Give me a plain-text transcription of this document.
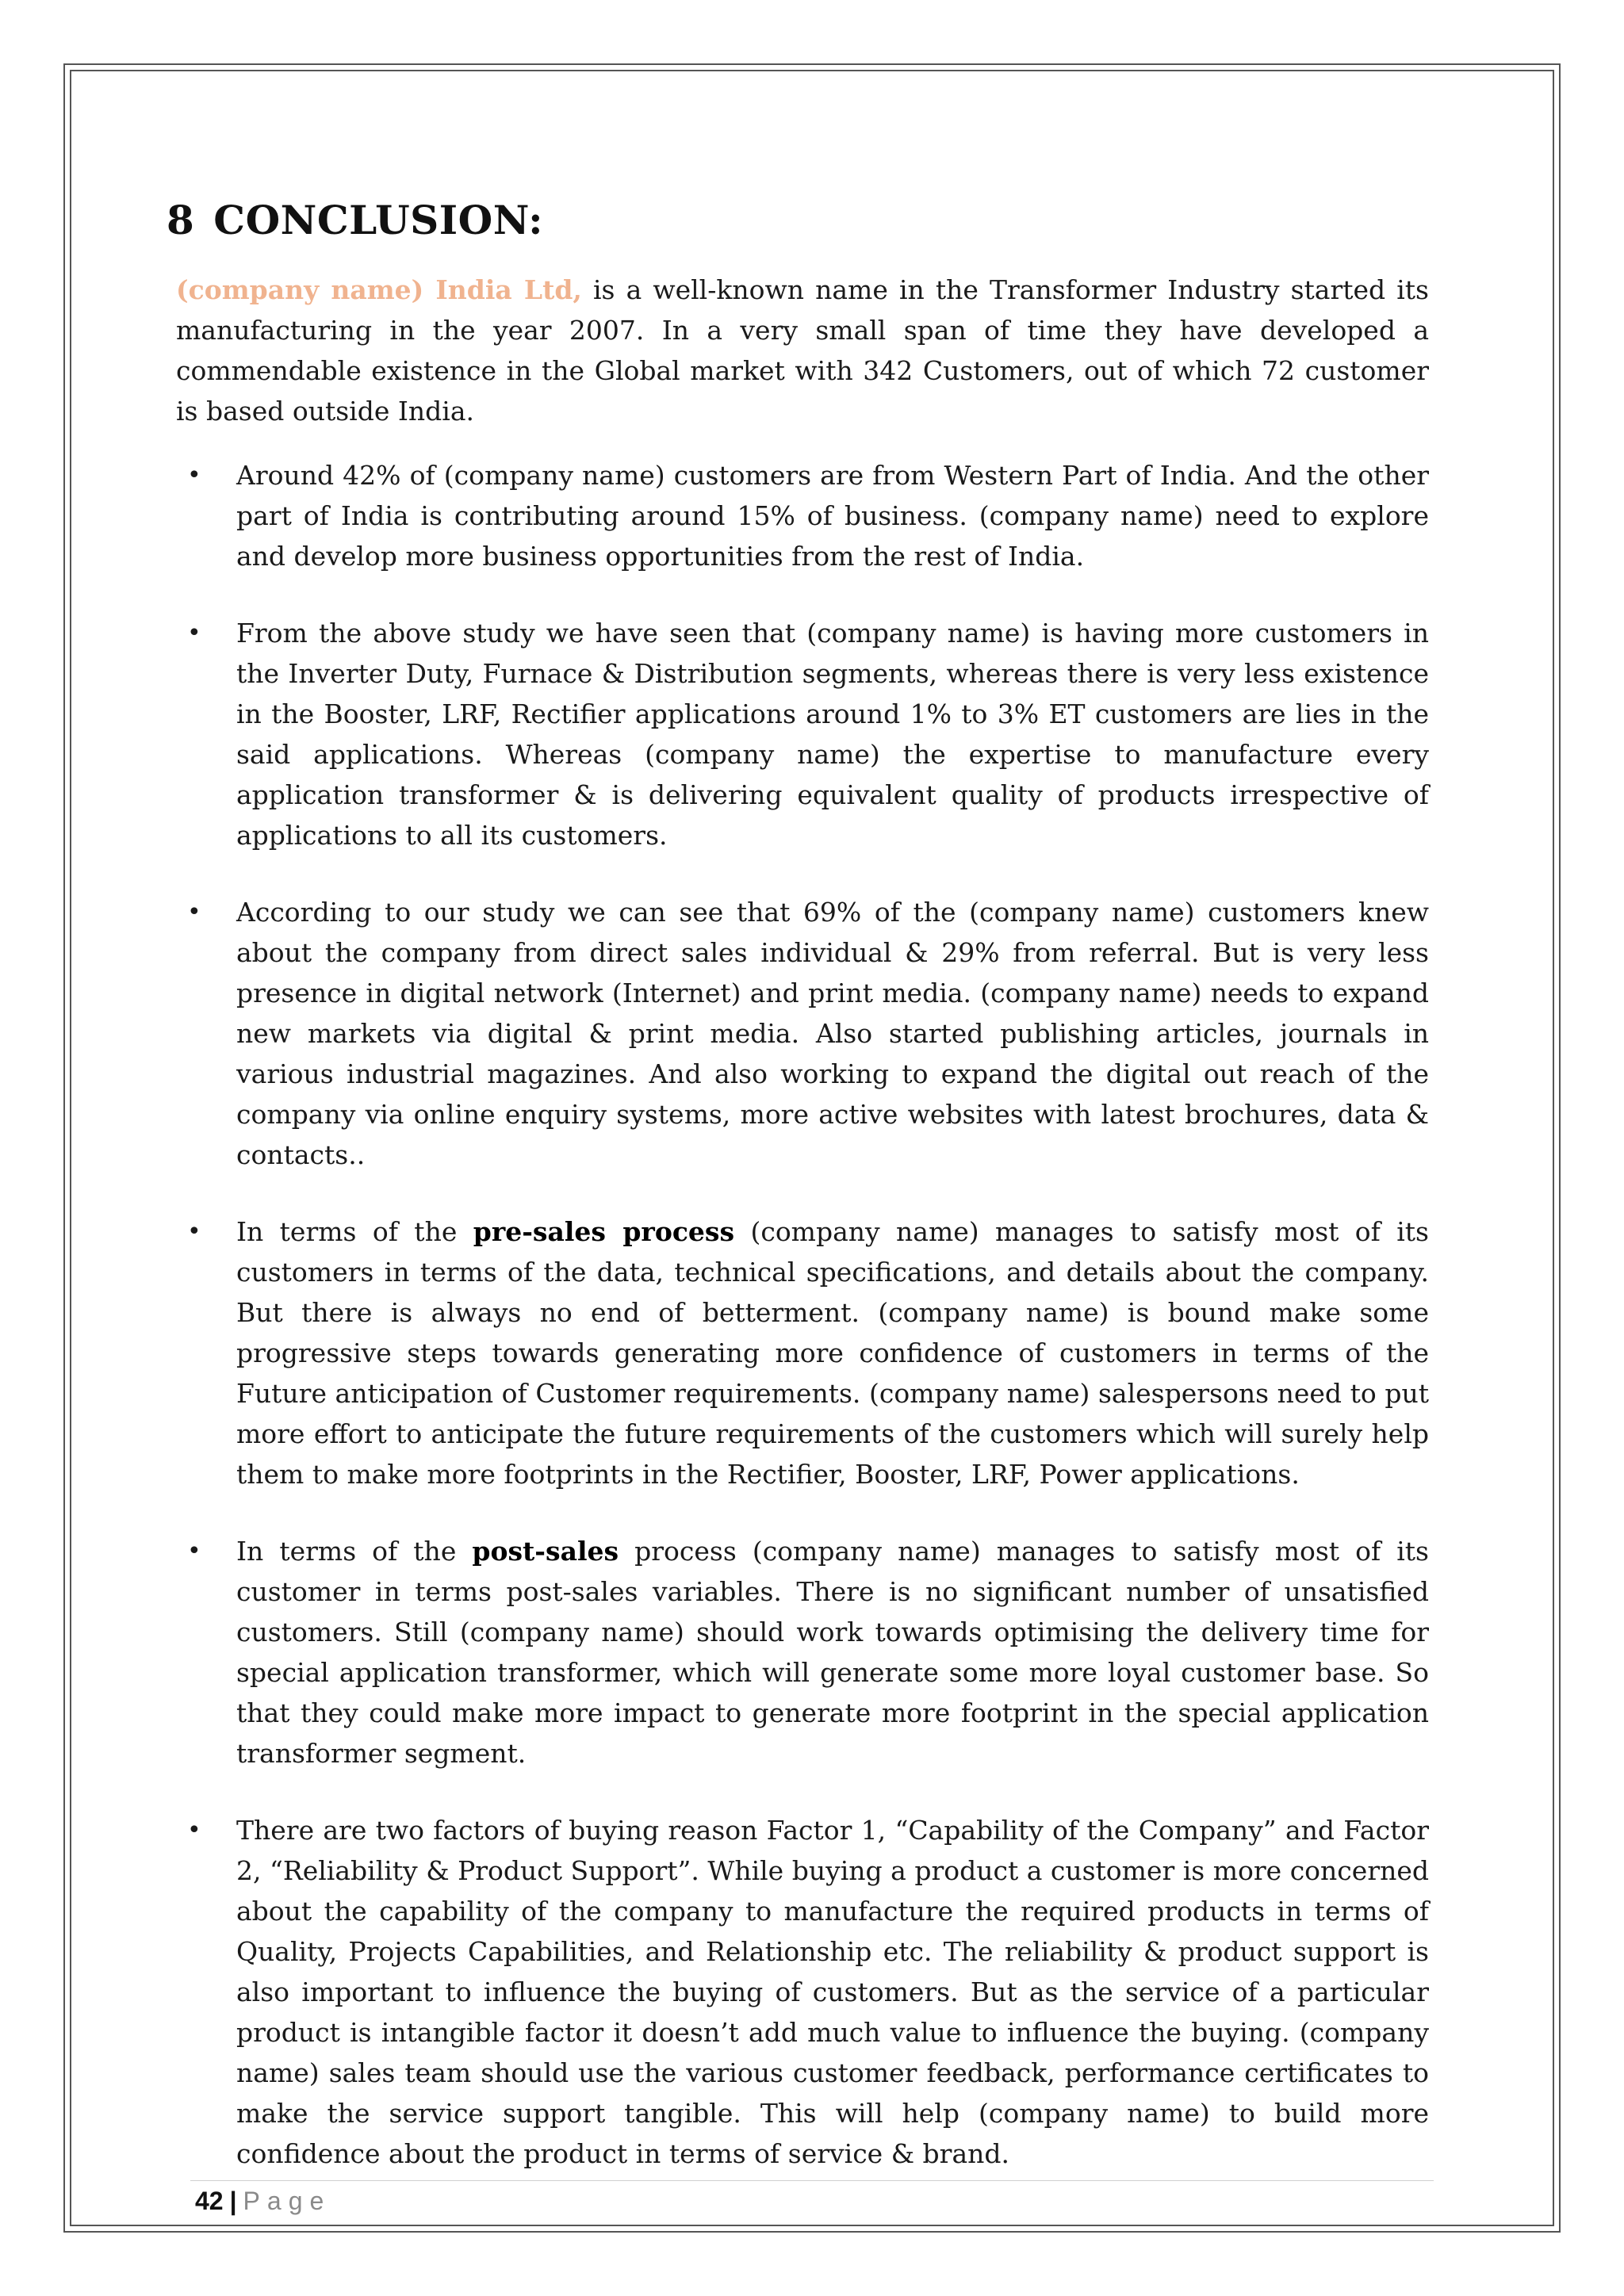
8 CONCLUSION:

(company name) India Ltd, is a well-known name in the Transformer Industry started its manufacturing in the year 2007. In a very small span of time they have developed a commendable existence in the Global market with 342 Customers, out of which 72 customer is based outside India.

• Around 42% of (company name) customers are from Western Part of India. And the other part of India is contributing around 15% of business. (company name) need to explore and develop more business opportunities from the rest of India.
• From the above study we have seen that (company name) is having more customers in the Inverter Duty, Furnace & Distribution segments, whereas there is very less existence in the Booster, LRF, Rectifier applications around 1% to 3% ET customers are lies in the said applications. Whereas (company name) the expertise to manufacture every application transformer & is delivering equivalent quality of products irrespective of applications to all its customers.
• According to our study we can see that 69% of the (company name) customers knew about the company from direct sales individual & 29% from referral. But is very less presence in digital network (Internet) and print media. (company name) needs to expand new markets via digital & print media. Also started publishing articles, journals in various industrial magazines. And also working to expand the digital out reach of the company via online enquiry systems, more active websites with latest brochures, data & contacts..
• In terms of the pre-sales process (company name) manages to satisfy most of its customers in terms of the data, technical specifications, and details about the company. But there is always no end of betterment. (company name) is bound make some progressive steps towards generating more confidence of customers in terms of the Future anticipation of Customer requirements. (company name) salespersons need to put more effort to anticipate the future requirements of the customers which will surely help them to make more footprints in the Rectifier, Booster, LRF, Power applications.
• In terms of the post-sales process (company name) manages to satisfy most of its customer in terms post-sales variables. There is no significant number of unsatisfied customers. Still (company name) should work towards optimising the delivery time for special application transformer, which will generate some more loyal customer base. So that they could make more impact to generate more footprint in the special application transformer segment.
• There are two factors of buying reason Factor 1, “Capability of the Company” and Factor 2, “Reliability & Product Support”. While buying a product a customer is more concerned about the capability of the company to manufacture the required products in terms of Quality, Projects Capabilities, and Relationship etc. The reliability & product support is also important to influence the buying of customers. But as the service of a particular product is intangible factor it doesn’t add much value to influence the buying. (company name) sales team should use the various customer feedback, performance certificates to make the service support tangible. This will help (company name) to build more confidence about the product in terms of service & brand.
42 | Page
